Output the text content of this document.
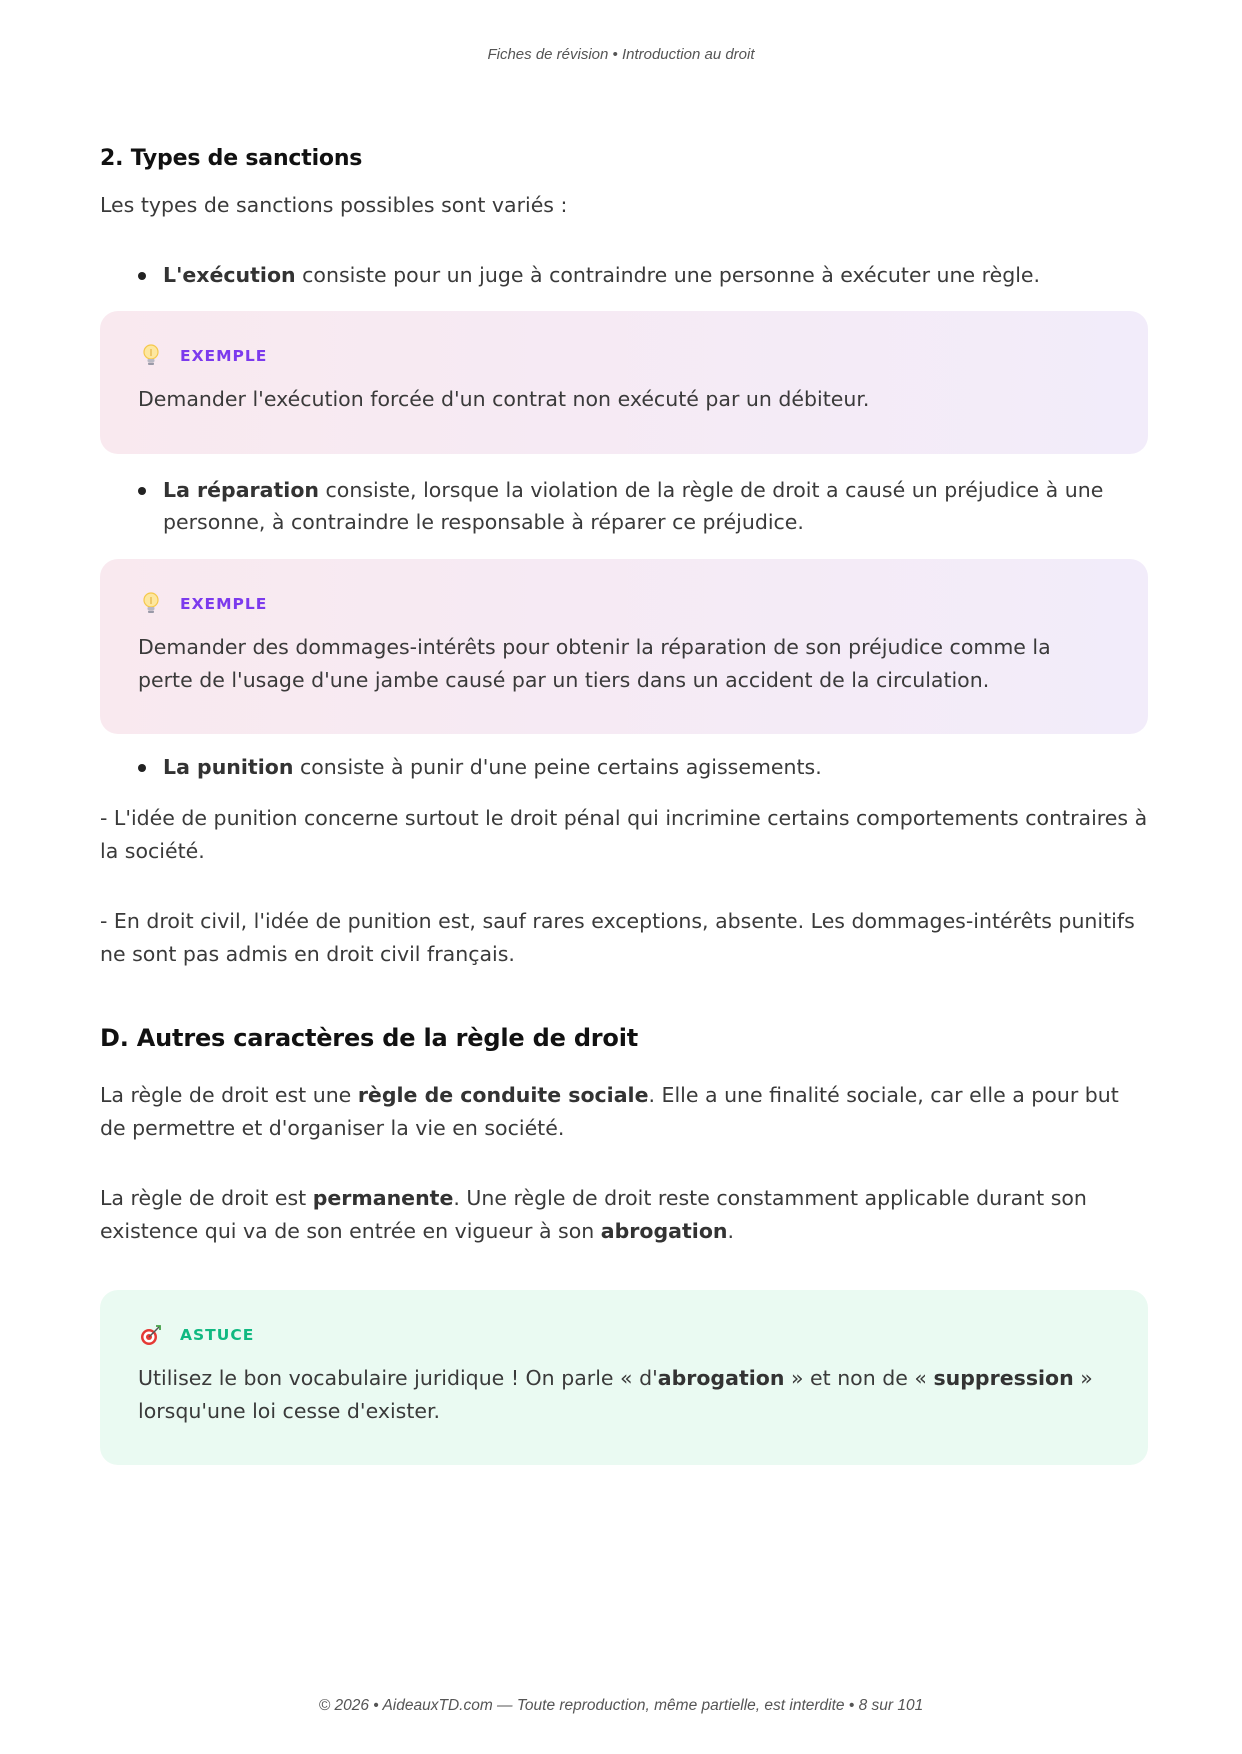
Fiches de révision • Introduction au droit
2. Types de sanctions

Les types de sanctions possibles sont variés :

L'exécution consiste pour un juge à contraindre une personne à exécuter une règle.
EXEMPLE

Demander l'exécution forcée d'un contrat non exécuté par un débiteur.

La réparation consiste, lorsque la violation de la règle de droit a causé un préjudice à une personne, à contraindre le responsable à réparer ce préjudice.
EXEMPLE

Demander des dommages-intérêts pour obtenir la réparation de son préjudice comme la perte de l'usage d'une jambe causé par un tiers dans un accident de la circulation.

La punition consiste à punir d'une peine certains agissements.

- L'idée de punition concerne surtout le droit pénal qui incrimine certains comportements contraires à la société.

- En droit civil, l'idée de punition est, sauf rares exceptions, absente. Les dommages-intérêts punitifs ne sont pas admis en droit civil français.

D. Autres caractères de la règle de droit

La règle de droit est une règle de conduite sociale. Elle a une finalité sociale, car elle a pour but de permettre et d'organiser la vie en société.

La règle de droit est permanente. Une règle de droit reste constamment applicable durant son existence qui va de son entrée en vigueur à son abrogation.

ASTUCE

Utilisez le bon vocabulaire juridique ! On parle « d'abrogation » et non de « suppression » lorsqu'une loi cesse d'exister.

© 2026 • AideauxTD.com — Toute reproduction, même partielle, est interdite • 8 sur 101
